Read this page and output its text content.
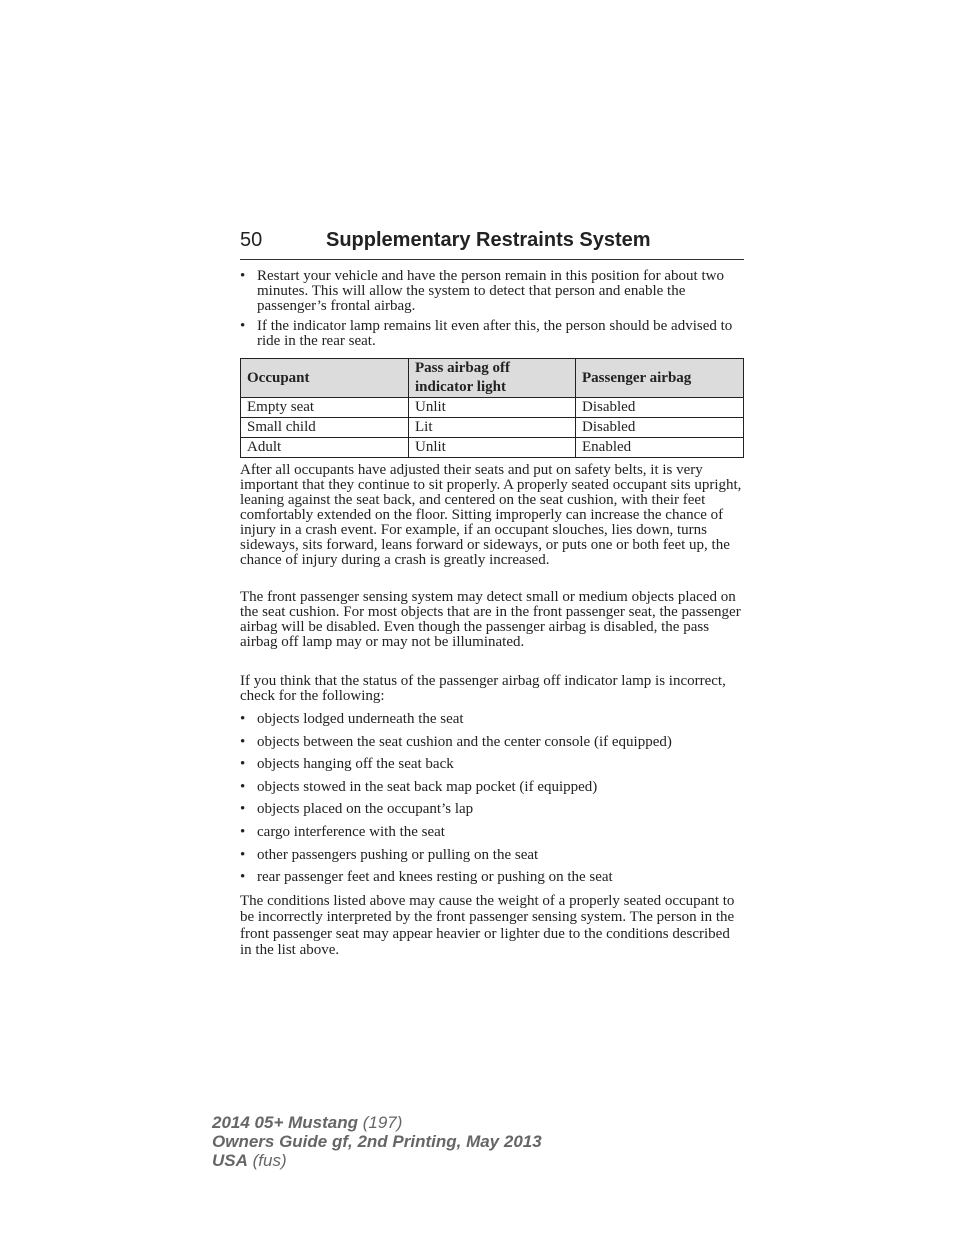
50	Supplementary Restraints System

• Restart your vehicle and have the person remain in this position for about two minutes. This will allow the system to detect that person and enable the passenger’s frontal airbag.

• If the indicator lamp remains lit even after this, the person should be advised to ride in the rear seat.

Occupant	Pass airbag off indicator light	Passenger airbag
Empty seat	Unlit	Disabled
Small child	Lit	Disabled
Adult	Unlit	Enabled

After all occupants have adjusted their seats and put on safety belts, it is very important that they continue to sit properly. A properly seated occupant sits upright, leaning against the seat back, and centered on the seat cushion, with their feet comfortably extended on the floor. Sitting improperly can increase the chance of injury in a crash event. For example, if an occupant slouches, lies down, turns sideways, sits forward, leans forward or sideways, or puts one or both feet up, the chance of injury during a crash is greatly increased.

The front passenger sensing system may detect small or medium objects placed on the seat cushion. For most objects that are in the front passenger seat, the passenger airbag will be disabled. Even though the passenger airbag is disabled, the pass airbag off lamp may or may not be illuminated.

If you think that the status of the passenger airbag off indicator lamp is incorrect, check for the following:

• objects lodged underneath the seat

• objects between the seat cushion and the center console (if equipped)

• objects hanging off the seat back

• objects stowed in the seat back map pocket (if equipped)

• objects placed on the occupant’s lap

• cargo interference with the seat

• other passengers pushing or pulling on the seat

• rear passenger feet and knees resting or pushing on the seat

The conditions listed above may cause the weight of a properly seated occupant to be incorrectly interpreted by the front passenger sensing system. The person in the front passenger seat may appear heavier or lighter due to the conditions described in the list above.

2014 05+ Mustang (197)
Owners Guide gf, 2nd Printing, May 2013
USA (fus)
